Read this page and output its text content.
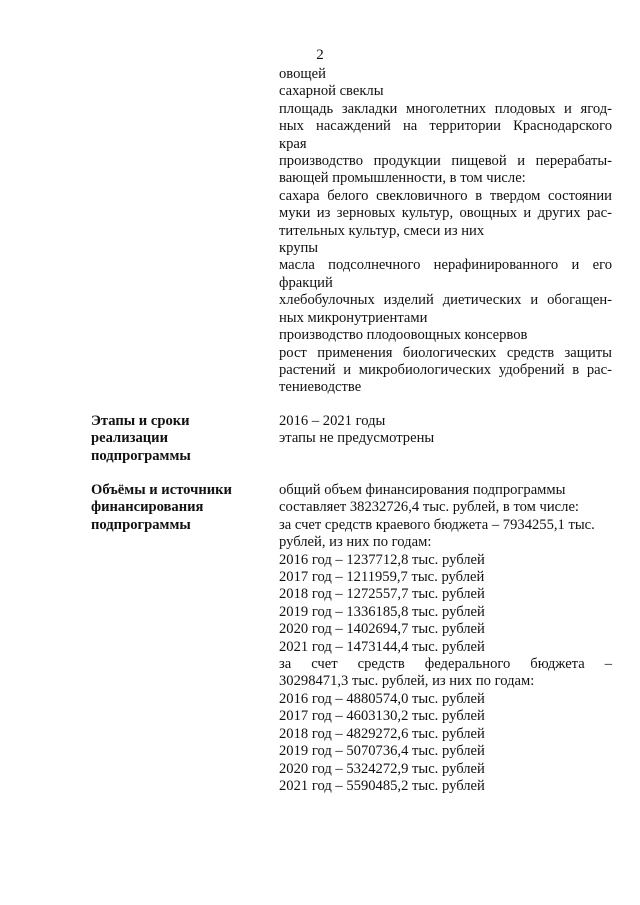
2
овощей
сахарной свеклы
площадь закладки многолетних плодовых и ягод-
ных насаждений на территории Краснодарского
края
производство продукции пищевой и перерабаты-
вающей промышленности, в том числе:
сахара белого свекловичного в твердом состоянии
муки из зерновых культур, овощных и других рас-
тительных культур, смеси из них
крупы
масла подсолнечного нерафинированного и его
фракций
хлебобулочных изделий диетических и обогащен-
ных микронутриентами
производство плодоовощных консервов
рост применения биологических средств защиты
растений и микробиологических удобрений в рас-
тениеводстве
Этапы и сроки
реализации
подпрограммы
2016 – 2021 годы
этапы не предусмотрены
Объёмы и источники
финансирования
подпрограммы
общий объем финансирования подпрограммы
составляет 38232726,4 тыс. рублей, в том числе:
за счет средств краевого бюджета – 7934255,1 тыс.
рублей, из них по годам:
2016 год – 1237712,8 тыс. рублей
2017 год – 1211959,7 тыс. рублей
2018 год – 1272557,7 тыс. рублей
2019 год – 1336185,8 тыс. рублей
2020 год – 1402694,7 тыс. рублей
2021 год – 1473144,4 тыс. рублей
за счет средств федерального бюджета –
30298471,3 тыс. рублей, из них по годам:
2016 год – 4880574,0 тыс. рублей
2017 год – 4603130,2 тыс. рублей
2018 год – 4829272,6 тыс. рублей
2019 год – 5070736,4 тыс. рублей
2020 год – 5324272,9 тыс. рублей
2021 год – 5590485,2 тыс. рублей
